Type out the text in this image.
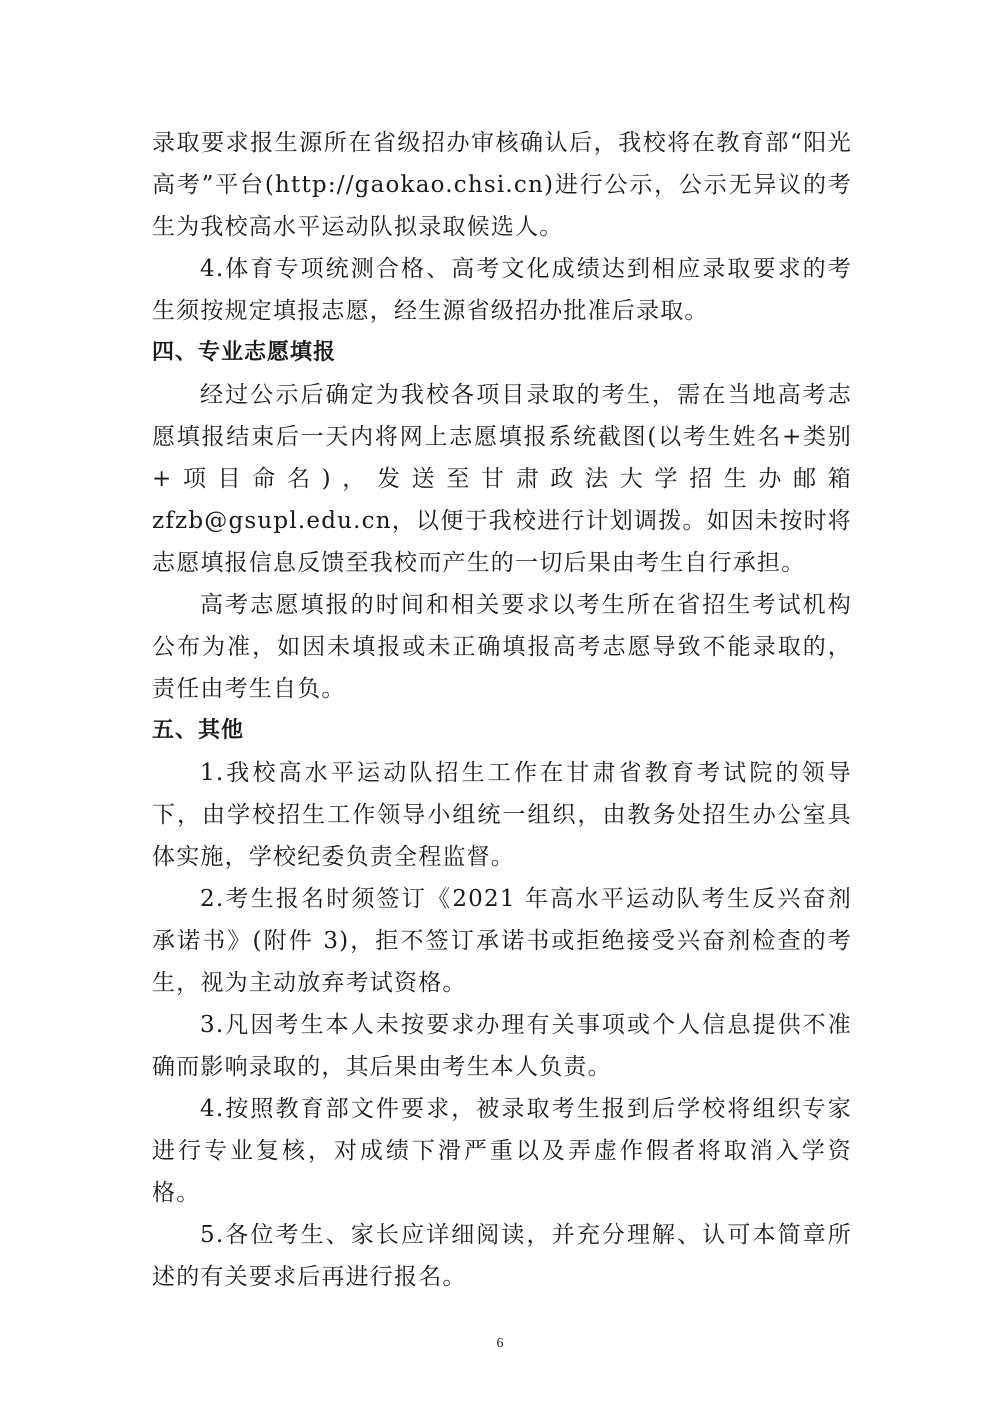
录取要求报生源所在省级招办审核确认后，我校将在教育部“阳光高考”平台(http://gaokao.chsi.cn)进行公示，公示无异议的考生为我校高水平运动队拟录取候选人。

4.体育专项统测合格、高考文化成绩达到相应录取要求的考生须按规定填报志愿，经生源省级招办批准后录取。

四、专业志愿填报

经过公示后确定为我校各项目录取的考生，需在当地高考志愿填报结束后一天内将网上志愿填报系统截图(以考生姓名+类别+项目命名)，发送至甘肃政法大学招生办邮箱 zfzb@gsupl.edu.cn，以便于我校进行计划调拨。如因未按时将志愿填报信息反馈至我校而产生的一切后果由考生自行承担。

高考志愿填报的时间和相关要求以考生所在省招生考试机构公布为准，如因未填报或未正确填报高考志愿导致不能录取的，责任由考生自负。

五、其他

1.我校高水平运动队招生工作在甘肃省教育考试院的领导下，由学校招生工作领导小组统一组织，由教务处招生办公室具体实施，学校纪委负责全程监督。

2.考生报名时须签订《2021 年高水平运动队考生反兴奋剂承诺书》(附件 3)，拒不签订承诺书或拒绝接受兴奋剂检查的考生，视为主动放弃考试资格。

3.凡因考生本人未按要求办理有关事项或个人信息提供不准确而影响录取的，其后果由考生本人负责。

4.按照教育部文件要求，被录取考生报到后学校将组织专家进行专业复核，对成绩下滑严重以及弄虚作假者将取消入学资格。

5.各位考生、家长应详细阅读，并充分理解、认可本简章所述的有关要求后再进行报名。

6
